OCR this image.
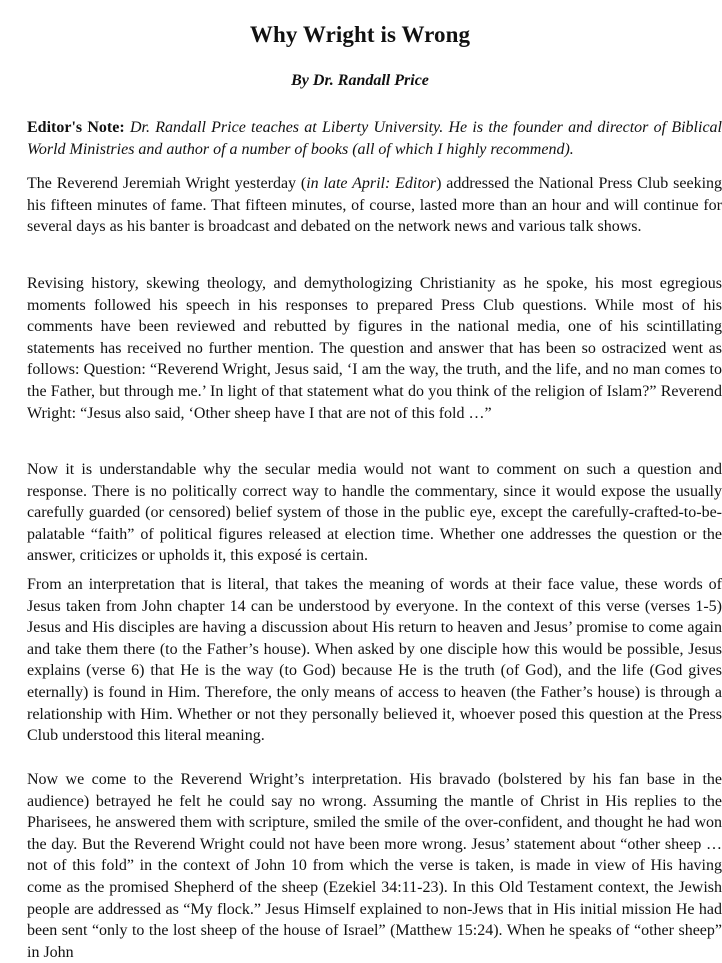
Why Wright is Wrong

By Dr. Randall Price

Editor's Note: Dr. Randall Price teaches at Liberty University. He is the founder and director of Biblical World Ministries and author of a number of books (all of which I highly recommend).

The Reverend Jeremiah Wright yesterday (in late April: Editor) addressed the National Press Club seeking his fifteen minutes of fame. That fifteen minutes, of course, lasted more than an hour and will continue for several days as his banter is broadcast and debated on the network news and various talk shows.

Revising history, skewing theology, and demythologizing Christianity as he spoke, his most egregious moments followed his speech in his responses to prepared Press Club questions. While most of his comments have been reviewed and rebutted by figures in the national media, one of his scintillating statements has received no further mention. The question and answer that has been so ostracized went as follows: Question: “Reverend Wright, Jesus said, ‘I am the way, the truth, and the life, and no man comes to the Father, but through me.’ In light of that statement what do you think of the religion of Islam?” Reverend Wright: “Jesus also said, ‘Other sheep have I that are not of this fold …”

Now it is understandable why the secular media would not want to comment on such a question and response. There is no politically correct way to handle the commentary, since it would expose the usually carefully guarded (or censored) belief system of those in the public eye, except the carefully-crafted-to-be-palatable “faith” of political figures released at election time. Whether one addresses the question or the answer, criticizes or upholds it, this exposé is certain.

From an interpretation that is literal, that takes the meaning of words at their face value, these words of Jesus taken from John chapter 14 can be understood by everyone. In the context of this verse (verses 1-5) Jesus and His disciples are having a discussion about His return to heaven and Jesus’ promise to come again and take them there (to the Father’s house). When asked by one disciple how this would be possible, Jesus explains (verse 6) that He is the way (to God) because He is the truth (of God), and the life (God gives eternally) is found in Him. Therefore, the only means of access to heaven (the Father’s house) is through a relationship with Him. Whether or not they personally believed it, whoever posed this question at the Press Club understood this literal meaning.

Now we come to the Reverend Wright’s interpretation. His bravado (bolstered by his fan base in the audience) betrayed he felt he could say no wrong. Assuming the mantle of Christ in His replies to the Pharisees, he answered them with scripture, smiled the smile of the over-confident, and thought he had won the day. But the Reverend Wright could not have been more wrong. Jesus’ statement about “other sheep … not of this fold” in the context of John 10 from which the verse is taken, is made in view of His having come as the promised Shepherd of the sheep (Ezekiel 34:11-23). In this Old Testament context, the Jewish people are addressed as “My flock.” Jesus Himself explained to non-Jews that in His initial mission He had been sent “only to the lost sheep of the house of Israel” (Matthew 15:24). When he speaks of “other sheep” in John
